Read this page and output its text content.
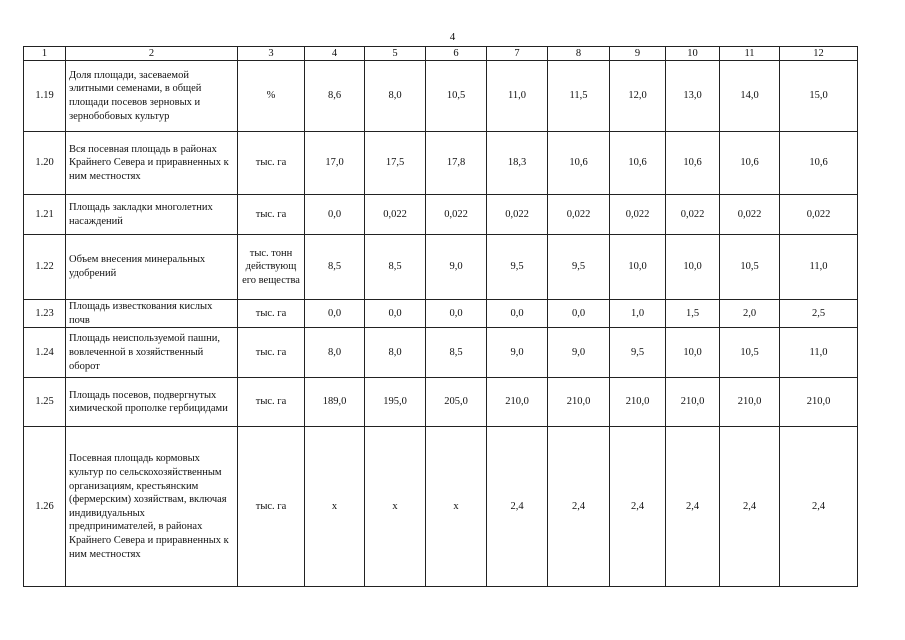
4
1	2	3	4	5	6	7	8	9	10	11	12
1.19	Доля площади, засеваемой элитными семенами, в общей площади посевов зерновых и зернобобовых культур	%	8,6	8,0	10,5	11,0	11,5	12,0	13,0	14,0	15,0
1.20	Вся посевная площадь в районах Крайнего Севера и приравненных к ним местностях	тыс. га	17,0	17,5	17,8	18,3	10,6	10,6	10,6	10,6	10,6
1.21	Площадь закладки многолетних насаждений	тыс. га	0,0	0,022	0,022	0,022	0,022	0,022	0,022	0,022	0,022
1.22	Объем внесения минеральных удобрений	тыс. тонн действующ его вещества	8,5	8,5	9,0	9,5	9,5	10,0	10,0	10,5	11,0
1.23	Площадь известкования кислых почв	тыс. га	0,0	0,0	0,0	0,0	0,0	1,0	1,5	2,0	2,5
1.24	Площадь неиспользуемой пашни, вовлеченной в хозяйственный оборот	тыс. га	8,0	8,0	8,5	9,0	9,0	9,5	10,0	10,5	11,0
1.25	Площадь посевов, подвергнутых химической прополке гербицидами	тыс. га	189,0	195,0	205,0	210,0	210,0	210,0	210,0	210,0	210,0
1.26	Посевная площадь кормовых культур по сельскохозяйственным организациям, крестьянским (фермерским) хозяйствам, включая индивидуальных предпринимателей, в районах Крайнего Севера и приравненных к ним местностях	тыс. га	x	x	x	2,4	2,4	2,4	2,4	2,4	2,4
